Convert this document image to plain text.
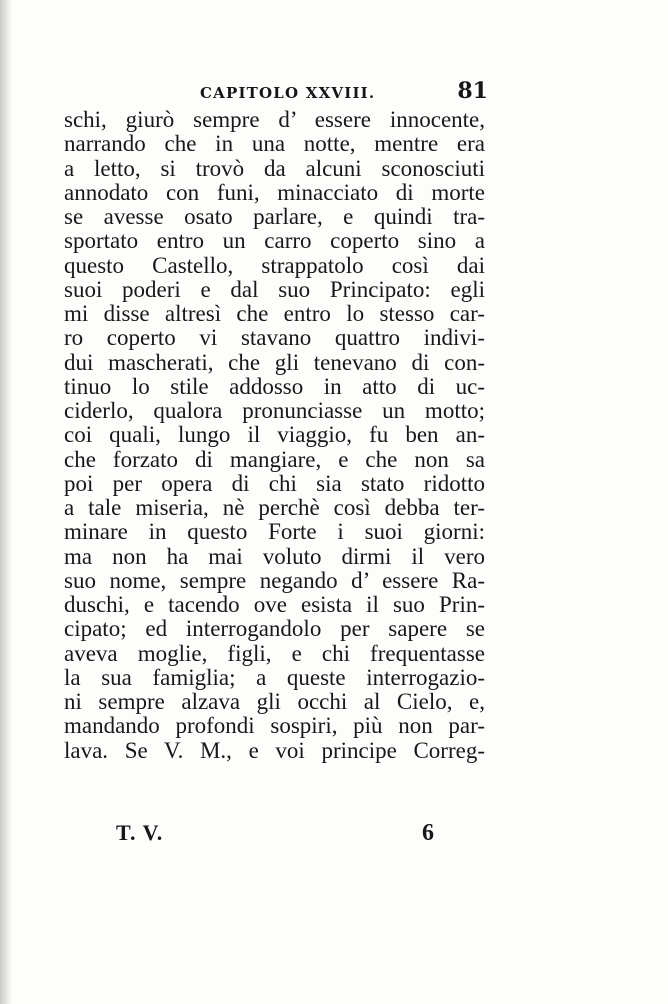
CAPITOLO XXVIII.	81
schi, giurò sempre d’ essere innocente,
narrando che in una notte, mentre era
a letto, si trovò da alcuni sconosciuti
annodato con funi, minacciato di morte
se avesse osato parlare, e quindi tra-
sportato entro un carro coperto sino a
questo Castello, strappatolo così dai
suoi poderi e dal suo Principato: egli
mi disse altresì che entro lo stesso car-
ro coperto vi stavano quattro indivi-
dui mascherati, che gli tenevano di con-
tinuo lo stile addosso in atto di uc-
ciderlo, qualora pronunciasse un motto;
coi quali, lungo il viaggio, fu ben an-
che forzato di mangiare, e che non sa
poi per opera di chi sia stato ridotto
a tale miseria, nè perchè così debba ter-
minare in questo Forte i suoi giorni:
ma non ha mai voluto dirmi il vero
suo nome, sempre negando d’ essere Ra-
duschi, e tacendo ove esista il suo Prin-
cipato; ed interrogandolo per sapere se
aveva moglie, figli, e chi frequentasse
la sua famiglia; a queste interrogazio-
ni sempre alzava gli occhi al Cielo, e,
mandando profondi sospiri, più non par-
lava. Se V. M., e voi principe Correg-
T. V.	6
